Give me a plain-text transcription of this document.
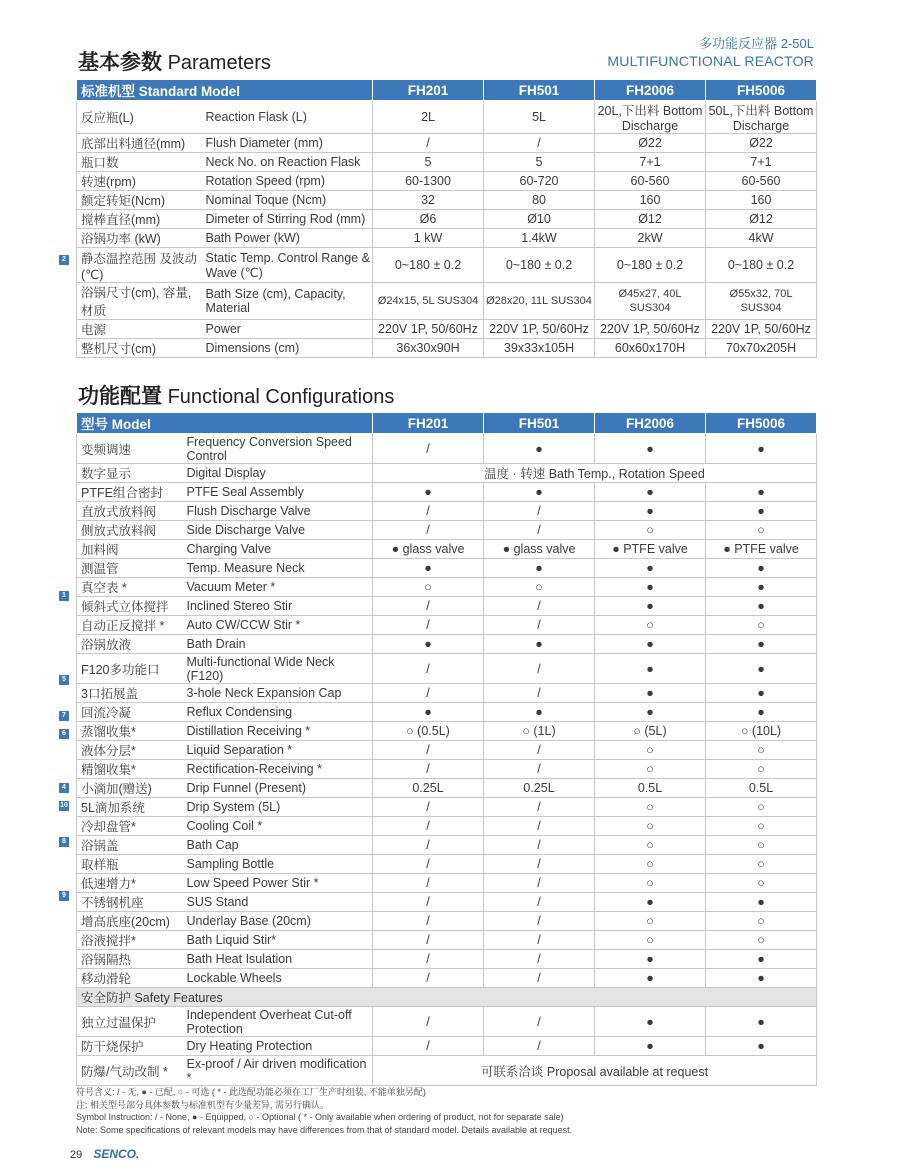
多功能反应器 2-50L
MULTIFUNCTIONAL REACTOR
基本参数 Parameters
标准机型 Standard Model		FH201	FH501	FH2006	FH5006
反应瓶(L)	Reaction Flask (L)	2L	5L	20L,下出料 Bottom Discharge	50L,下出料 Bottom Discharge
底部出料通径(mm)	Flush Diameter (mm)	/	/	Ø22	Ø22
瓶口数	Neck No. on Reaction Flask	5	5	7+1	7+1
转速(rpm)	Rotation Speed (rpm)	60-1300	60-720	60-560	60-560
额定转矩(Ncm)	Nominal Toque (Ncm)	32	80	160	160
搅棒直径(mm)	Dimeter of Stirring Rod (mm)	Ø6	Ø10	Ø12	Ø12
浴锅功率 (kW)	Bath Power (kW)	1 kW	1.4kW	2kW	4kW
静态温控范围 及波动(℃)	Static Temp. Control Range & Wave (℃)	0~180 ± 0.2	0~180 ± 0.2	0~180 ± 0.2	0~180 ± 0.2
浴锅尺寸(cm), 容量, 材质	Bath Size (cm), Capacity, Material	Ø24x15, 5L SUS304	Ø28x20, 11L SUS304	Ø45x27, 40L SUS304	Ø55x32, 70L SUS304
电源	Power	220V 1P, 50/60Hz	220V 1P, 50/60Hz	220V 1P, 50/60Hz	220V 1P, 50/60Hz
整机尺寸(cm)	Dimensions (cm)	36x30x90H	39x33x105H	60x60x170H	70x70x205H
功能配置 Functional Configurations
型号 Model		FH201	FH501	FH2006	FH5006
变频调速	Frequency Conversion Speed Control	/	●	●	●
数字显示	Digital Display	温度 · 转速 Bath Temp., Rotation Speed			
PTFE组合密封	PTFE Seal Assembly	●	●	●	●
直放式放料阀	Flush Discharge Valve	/	/	●	●
侧放式放料阀	Side Discharge Valve	/	/	○	○
加料阀	Charging Valve	● glass valve	● glass valve	● PTFE valve	● PTFE valve
测温管	Temp. Measure Neck	●	●	●	●
真空表 *	Vacuum Meter *	○	○	●	●
倾斜式立体搅拌	Inclined Stereo Stir	/	/	●	●
自动正反搅拌 *	Auto CW/CCW Stir *	/	/	○	○
浴锅放液	Bath Drain	●	●	●	●
F120多功能口	Multi-functional Wide Neck (F120)	/	/	●	●
3口拓展盖	3-hole Neck Expansion Cap	/	/	●	●
回流冷凝	Reflux Condensing	●	●	●	●
蒸馏收集*	Distillation Receiving *	○ (0.5L)	○ (1L)	○ (5L)	○ (10L)
液体分层*	Liquid Separation *	/	/	○	○
精馏收集*	Rectification-Receiving *	/	/	○	○
小滴加(赠送)	Drip Funnel (Present)	0.25L	0.25L	0.5L	0.5L
5L滴加系统	Drip System (5L)	/	/	○	○
冷却盘管*	Cooling Coil *	/	/	○	○
浴锅盖	Bath Cap	/	/	○	○
取样瓶	Sampling Bottle	/	/	○	○
低速增力*	Low Speed Power Stir *	/	/	○	○
不锈钢机座	SUS Stand	/	/	●	●
增高底座(20cm)	Underlay Base (20cm)	/	/	○	○
浴液搅拌*	Bath Liquid Stir*	/	/	○	○
浴锅隔热	Bath Heat Isulation	/	/	●	●
移动滑轮	Lockable Wheels	/	/	●	●
安全防护 Safety Features					
独立过温保护	Independent Overheat Cut-off Protection	/	/	●	●
防干烧保护	Dry Heating Protection	/	/	●	●
防爆/气动改制 *	Ex-proof / Air driven modification *	可联系洽谈 Proposal available at request			
2
1
5
7
6
4
10
8
9
符号含义: / - 无, ● - 已配, ○ - 可选 ( * - 此选配功能必须在工厂生产时组装, 不能单独另配)
注: 相关型号部分具体参数与标准机型有少量差异, 需另行确认。
Symbol Instruction: / - None, ● - Equipped, ○ - Optional ( * - Only available when ordering of product, not for separate sale)
Note: Some specifications of relevant models may have differences from that of standard model. Details available at request.
29 SENCO.
